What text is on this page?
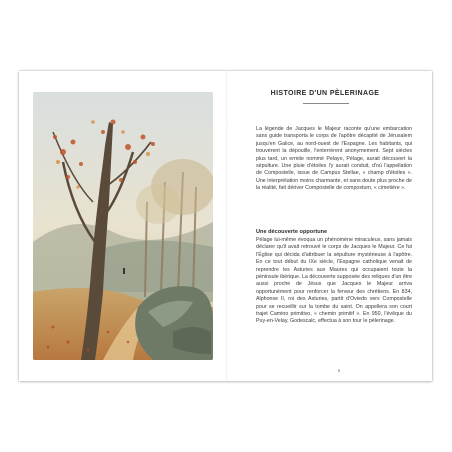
HISTOIRE D'UN PÈLERINAGE

La légende de Jacques le Majeur raconte qu'une embarcation sans guide transporta le corps de l'apôtre décapité de Jérusalem jusqu'en Galice, au nord-ouest de l'Espagne. Les habitants, qui trouvèrent la dépouille, l'enterrèrent anonymement. Sept siècles plus tard, un ermite nommé Pelayo, Pélage, aurait découvert la sépulture. Une pluie d'étoiles l'y aurait conduit, d'où l'appellation de Compostelle, issue de Campus Stellae, « champ d'étoiles ». Une interprétation moins charmante, et sans doute plus proche de la réalité, fait dériver Compostelle de compostum, « cimetière ».

Une découverte opportune

Pélage lui-même évoqua un phénomène miraculeux, sans jamais déclarer qu'il avait retrouvé le corps de Jacques le Majeur. Ce fut l'Église qui décida d'attribuer la sépulture mystérieuse à l'apôtre. En ce tout début du IXe siècle, l'Espagne catholique venait de reprendre les Asturies aux Maures qui occupaient toute la péninsule ibérique. La découverte supposée des reliques d'un être aussi proche de Jésus que Jacques le Majeur arriva opportunément pour renforcer la ferveur des chrétiens. En 834, Alphonse II, roi des Asturies, partit d'Oviedo vers Compostelle pour se recueillir sur la tombe du saint. On appellera son court trajet Camino primitivo, « chemin primitif ». En 950, l'évêque du Puy-en-Velay, Godescalc, effectua à son tour le pèlerinage.

6
